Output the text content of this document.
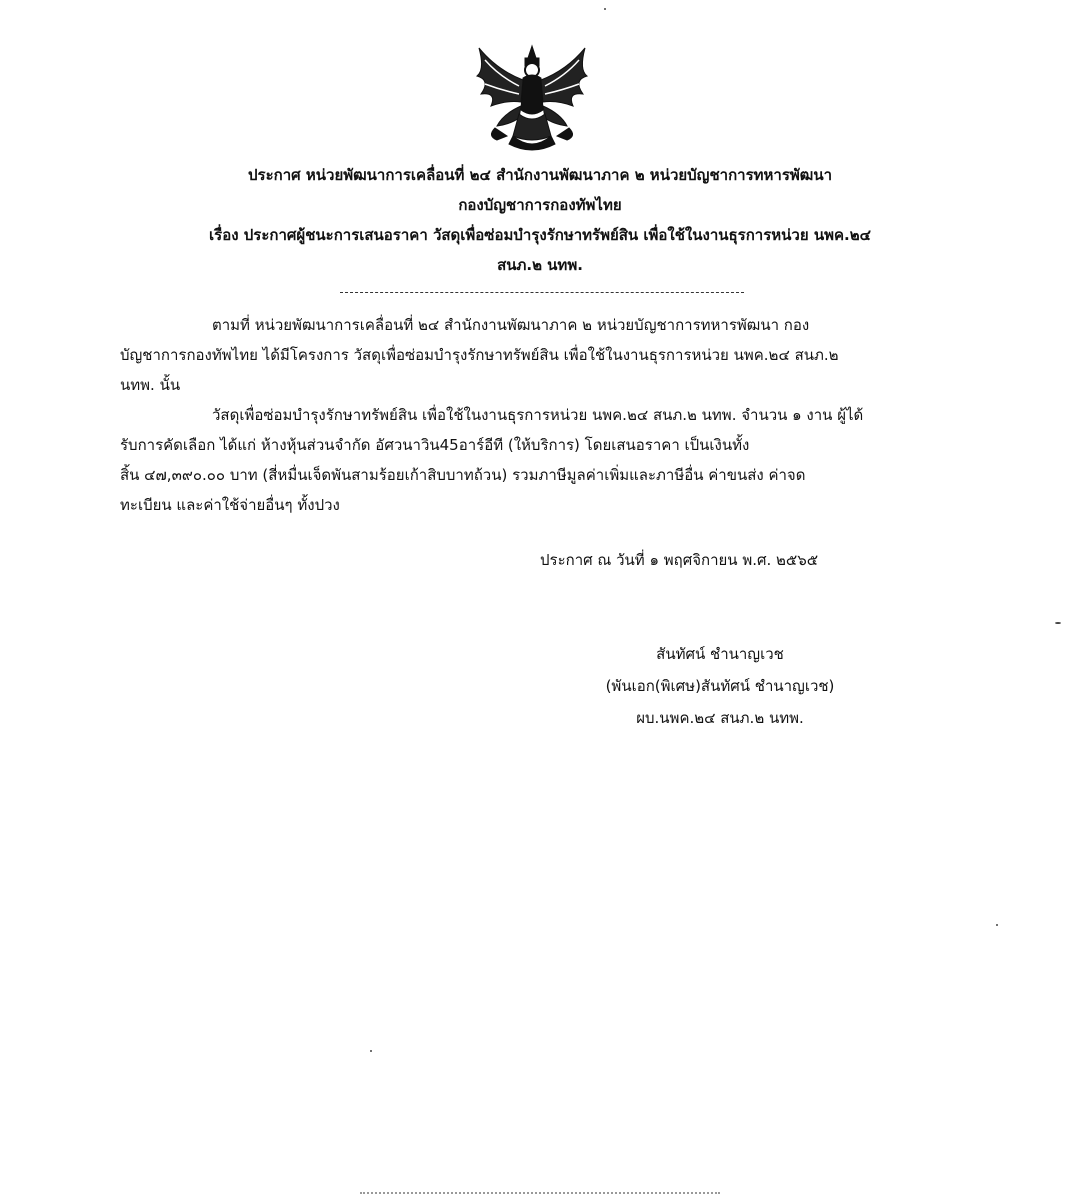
ประกาศ หน่วยพัฒนาการเคลื่อนที่ ๒๔ สำนักงานพัฒนาภาค ๒ หน่วยบัญชาการทหารพัฒนา
กองบัญชาการกองทัพไทย
เรื่อง ประกาศผู้ชนะการเสนอราคา วัสดุเพื่อซ่อมบำรุงรักษาทรัพย์สิน เพื่อใช้ในงานธุรการหน่วย นพค.๒๔
สนภ.๒ นทพ.
ตามที่ หน่วยพัฒนาการเคลื่อนที่ ๒๔ สำนักงานพัฒนาภาค ๒ หน่วยบัญชาการทหารพัฒนา กอง
บัญชาการกองทัพไทย ได้มีโครงการ วัสดุเพื่อซ่อมบำรุงรักษาทรัพย์สิน เพื่อใช้ในงานธุรการหน่วย นพค.๒๔ สนภ.๒
นทพ. นั้น
วัสดุเพื่อซ่อมบำรุงรักษาทรัพย์สิน เพื่อใช้ในงานธุรการหน่วย นพค.๒๔ สนภ.๒ นทพ. จำนวน ๑ งาน ผู้ได้
รับการคัดเลือก ได้แก่ ห้างหุ้นส่วนจำกัด อัศวนาวิน45อาร์อีที (ให้บริการ) โดยเสนอราคา เป็นเงินทั้ง
สิ้น ๔๗,๓๙๐.๐๐ บาท (สี่หมื่นเจ็ดพันสามร้อยเก้าสิบบาทถ้วน) รวมภาษีมูลค่าเพิ่มและภาษีอื่น ค่าขนส่ง ค่าจด
ทะเบียน และค่าใช้จ่ายอื่นๆ ทั้งปวง
ประกาศ ณ วันที่ ๑ พฤศจิกายน พ.ศ. ๒๕๖๕
สันทัศน์ ชำนาญเวช
(พันเอก(พิเศษ)สันทัศน์ ชำนาญเวช)
ผบ.นพค.๒๔ สนภ.๒ นทพ.
